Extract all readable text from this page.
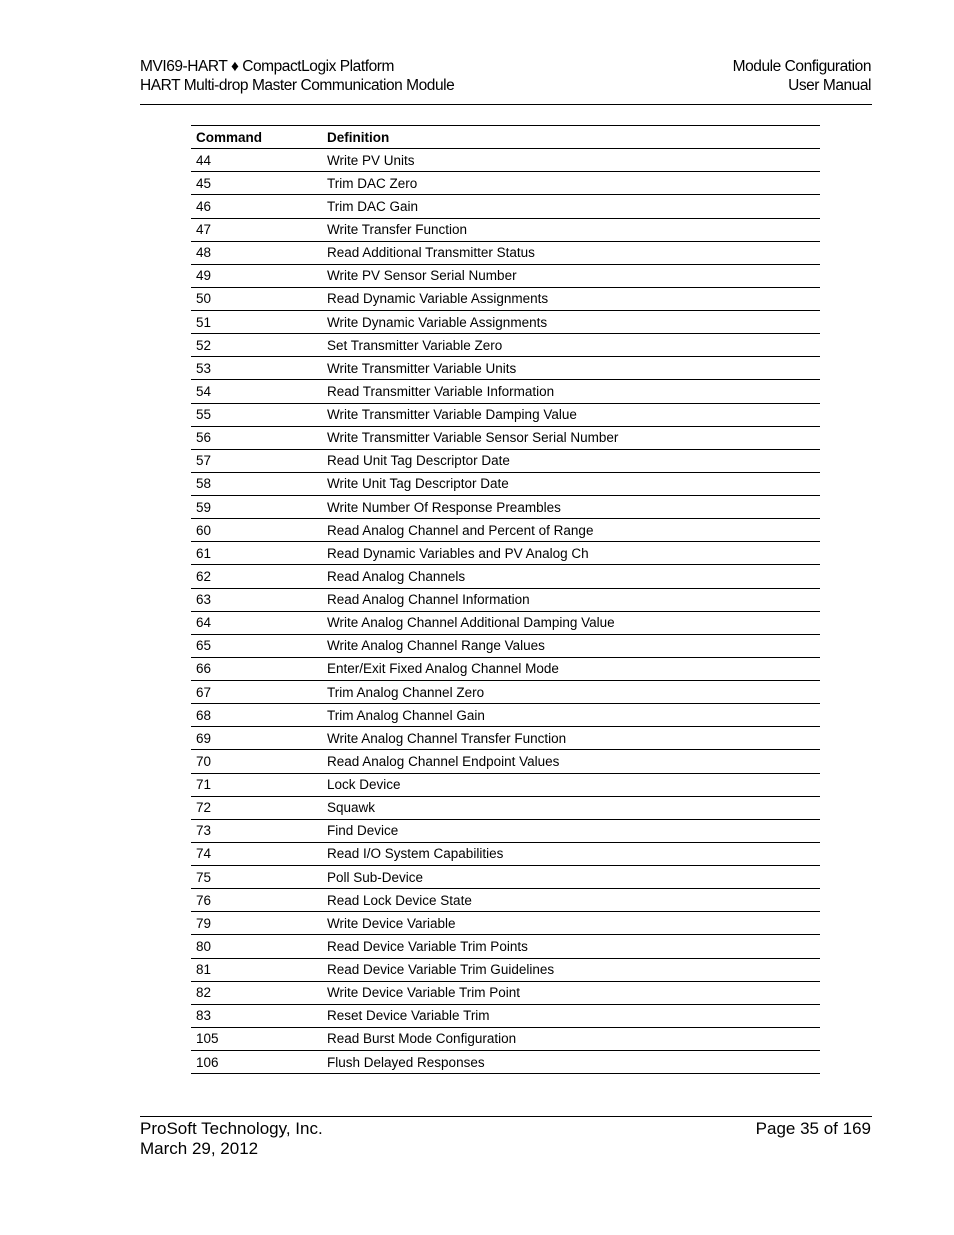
MVI69-HART ♦ CompactLogix Platform
HART Multi-drop Master Communication Module
Module Configuration
User Manual
Command	Definition
44	Write PV Units
45	Trim DAC Zero
46	Trim DAC Gain
47	Write Transfer Function
48	Read Additional Transmitter Status
49	Write PV Sensor Serial Number
50	Read Dynamic Variable Assignments
51	Write Dynamic Variable Assignments
52	Set Transmitter Variable Zero
53	Write Transmitter Variable Units
54	Read Transmitter Variable Information
55	Write Transmitter Variable Damping Value
56	Write Transmitter Variable Sensor Serial Number
57	Read Unit Tag Descriptor Date
58	Write Unit Tag Descriptor Date
59	Write Number Of Response Preambles
60	Read Analog Channel and Percent of Range
61	Read Dynamic Variables and PV Analog Ch
62	Read Analog Channels
63	Read Analog Channel Information
64	Write Analog Channel Additional Damping Value
65	Write Analog Channel Range Values
66	Enter/Exit Fixed Analog Channel Mode
67	Trim Analog Channel Zero
68	Trim Analog Channel Gain
69	Write Analog Channel Transfer Function
70	Read Analog Channel Endpoint Values
71	Lock Device
72	Squawk
73	Find Device
74	Read I/O System Capabilities
75	Poll Sub-Device
76	Read Lock Device State
79	Write Device Variable
80	Read Device Variable Trim Points
81	Read Device Variable Trim Guidelines
82	Write Device Variable Trim Point
83	Reset Device Variable Trim
105	Read Burst Mode Configuration
106	Flush Delayed Responses
ProSoft Technology, Inc.
March 29, 2012
Page 35 of 169
